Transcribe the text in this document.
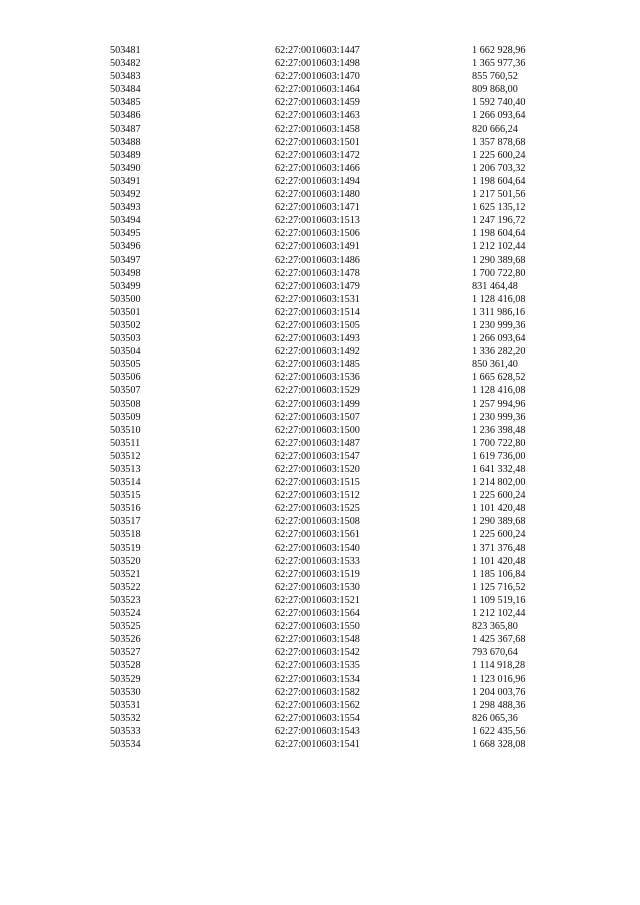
503481	62:27:0010603:1447	1 662 928,96
503482	62:27:0010603:1498	1 365 977,36
503483	62:27:0010603:1470	855 760,52
503484	62:27:0010603:1464	809 868,00
503485	62:27:0010603:1459	1 592 740,40
503486	62:27:0010603:1463	1 266 093,64
503487	62:27:0010603:1458	820 666,24
503488	62:27:0010603:1501	1 357 878,68
503489	62:27:0010603:1472	1 225 600,24
503490	62:27:0010603:1466	1 206 703,32
503491	62:27:0010603:1494	1 198 604,64
503492	62:27:0010603:1480	1 217 501,56
503493	62:27:0010603:1471	1 625 135,12
503494	62:27:0010603:1513	1 247 196,72
503495	62:27:0010603:1506	1 198 604,64
503496	62:27:0010603:1491	1 212 102,44
503497	62:27:0010603:1486	1 290 389,68
503498	62:27:0010603:1478	1 700 722,80
503499	62:27:0010603:1479	831 464,48
503500	62:27:0010603:1531	1 128 416,08
503501	62:27:0010603:1514	1 311 986,16
503502	62:27:0010603:1505	1 230 999,36
503503	62:27:0010603:1493	1 266 093,64
503504	62:27:0010603:1492	1 336 282,20
503505	62:27:0010603:1485	850 361,40
503506	62:27:0010603:1536	1 665 628,52
503507	62:27:0010603:1529	1 128 416,08
503508	62:27:0010603:1499	1 257 994,96
503509	62:27:0010603:1507	1 230 999,36
503510	62:27:0010603:1500	1 236 398,48
503511	62:27:0010603:1487	1 700 722,80
503512	62:27:0010603:1547	1 619 736,00
503513	62:27:0010603:1520	1 641 332,48
503514	62:27:0010603:1515	1 214 802,00
503515	62:27:0010603:1512	1 225 600,24
503516	62:27:0010603:1525	1 101 420,48
503517	62:27:0010603:1508	1 290 389,68
503518	62:27:0010603:1561	1 225 600,24
503519	62:27:0010603:1540	1 371 376,48
503520	62:27:0010603:1533	1 101 420,48
503521	62:27:0010603:1519	1 185 106,84
503522	62:27:0010603:1530	1 125 716,52
503523	62:27:0010603:1521	1 109 519,16
503524	62:27:0010603:1564	1 212 102,44
503525	62:27:0010603:1550	823 365,80
503526	62:27:0010603:1548	1 425 367,68
503527	62:27:0010603:1542	793 670,64
503528	62:27:0010603:1535	1 114 918,28
503529	62:27:0010603:1534	1 123 016,96
503530	62:27:0010603:1582	1 204 003,76
503531	62:27:0010603:1562	1 298 488,36
503532	62:27:0010603:1554	826 065,36
503533	62:27:0010603:1543	1 622 435,56
503534	62:27:0010603:1541	1 668 328,08
